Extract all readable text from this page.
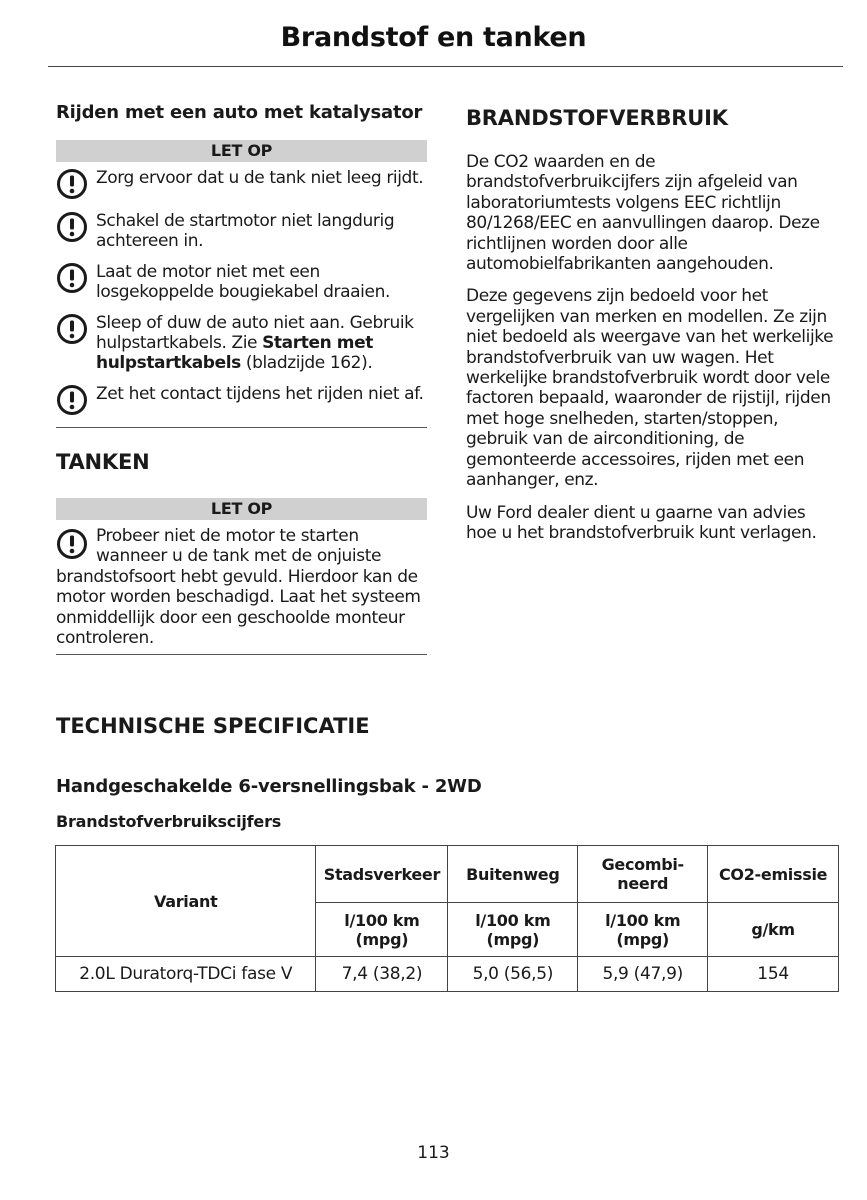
Brandstof en tanken
Rijden met een auto met katalysator
LET OP
Zorg ervoor dat u de tank niet leeg rijdt.
Schakel de startmotor niet langdurig achtereen in.
Laat de motor niet met een losgekoppelde bougiekabel draaien.
Sleep of duw de auto niet aan. Gebruik hulpstartkabels. Zie Starten met hulpstartkabels (bladzijde 162).
Zet het contact tijdens het rijden niet af.
TANKEN
LET OP
Probeer niet de motor te starten wanneer u de tank met de onjuiste brandstofsoort hebt gevuld. Hierdoor kan de motor worden beschadigd. Laat het systeem onmiddellijk door een geschoolde monteur controleren.
BRANDSTOFVERBRUIK

De CO2 waarden en de brandstofverbruikcijfers zijn afgeleid van laboratoriumtests volgens EEC richtlijn 80/1268/EEC en aanvullingen daarop. Deze richtlijnen worden door alle automobielfabrikanten aangehouden.

Deze gegevens zijn bedoeld voor het vergelijken van merken en modellen. Ze zijn niet bedoeld als weergave van het werkelijke brandstofverbruik van uw wagen. Het werkelijke brandstofverbruik wordt door vele factoren bepaald, waaronder de rijstijl, rijden met hoge snelheden, starten/stoppen, gebruik van de airconditioning, de gemonteerde accessoires, rijden met een aanhanger, enz.

Uw Ford dealer dient u gaarne van advies hoe u het brandstofverbruik kunt verlagen.

TECHNISCHE SPECIFICATIE
Handgeschakelde 6-versnellingsbak - 2WD
Brandstofverbruikscijfers
Variant	Stadsverkeer	Buitenweg	Gecombi-neerd	CO2-emissie
	l/100 km (mpg)	l/100 km (mpg)	l/100 km (mpg)	g/km
2.0L Duratorq-TDCi fase V	7,4 (38,2)	5,0 (56,5)	5,9 (47,9)	154
113
